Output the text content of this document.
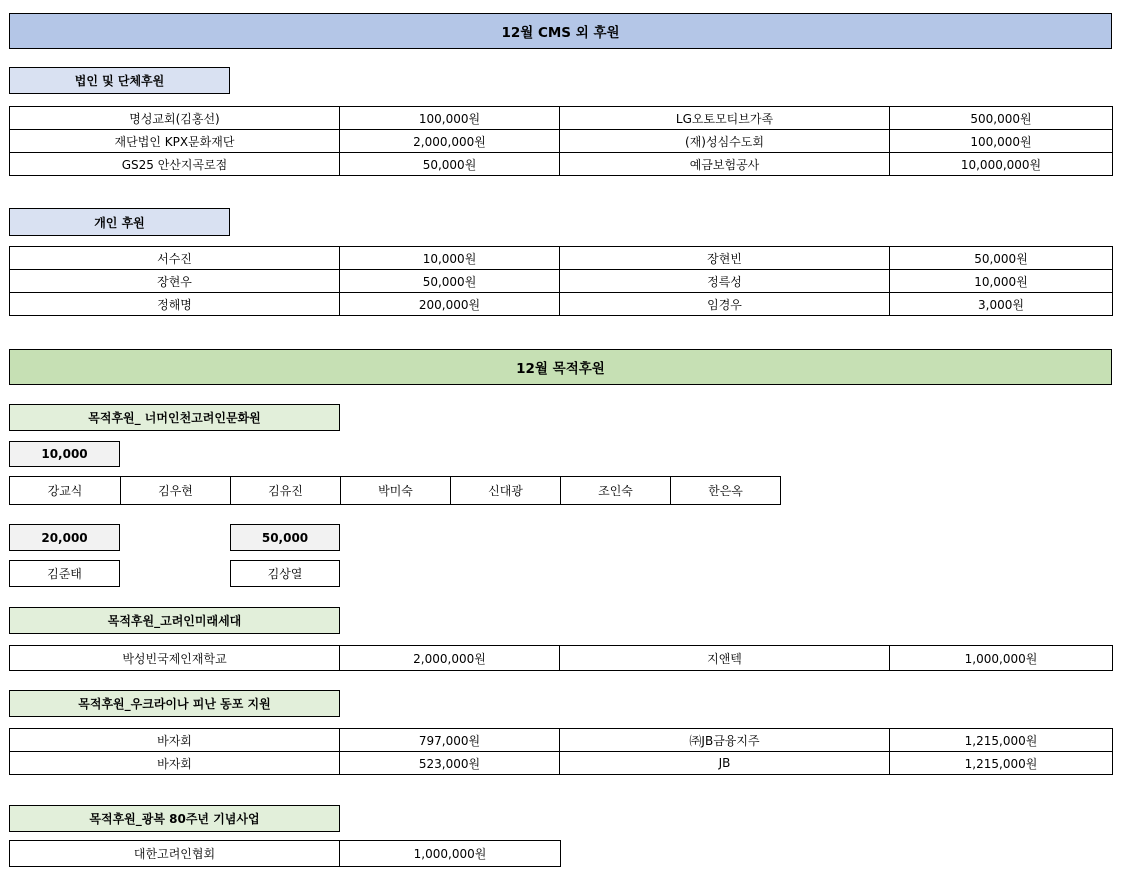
12월 CMS 외 후원
법인 및 단체후원
명성교회(김홍선)	100,000원	LG오토모티브가족	500,000원
재단법인 KPX문화재단	2,000,000원	(재)성심수도회	100,000원
GS25 안산지곡로점	50,000원	예금보험공사	10,000,000원
개인 후원
서수진	10,000원	장현빈	50,000원
장현우	50,000원	정륵성	10,000원
정해명	200,000원	임경우	3,000원
12월 목적후원
목적후원_ 너머인천고려인문화원
10,000
강교식	김우현	김유진	박미숙	신대광	조인숙	한은옥
20,000
김준태
50,000
김상열
목적후원_고려인미래세대
박성빈국제인재학교	2,000,000원	지앤텍	1,000,000원
목적후원_우크라이나 피난 동포 지원
바자회	797,000원	㈜JB금융지주	1,215,000원
바자회	523,000원	JB	1,215,000원
목적후원_광복 80주년 기념사업
대한고려인협회	1,000,000원
